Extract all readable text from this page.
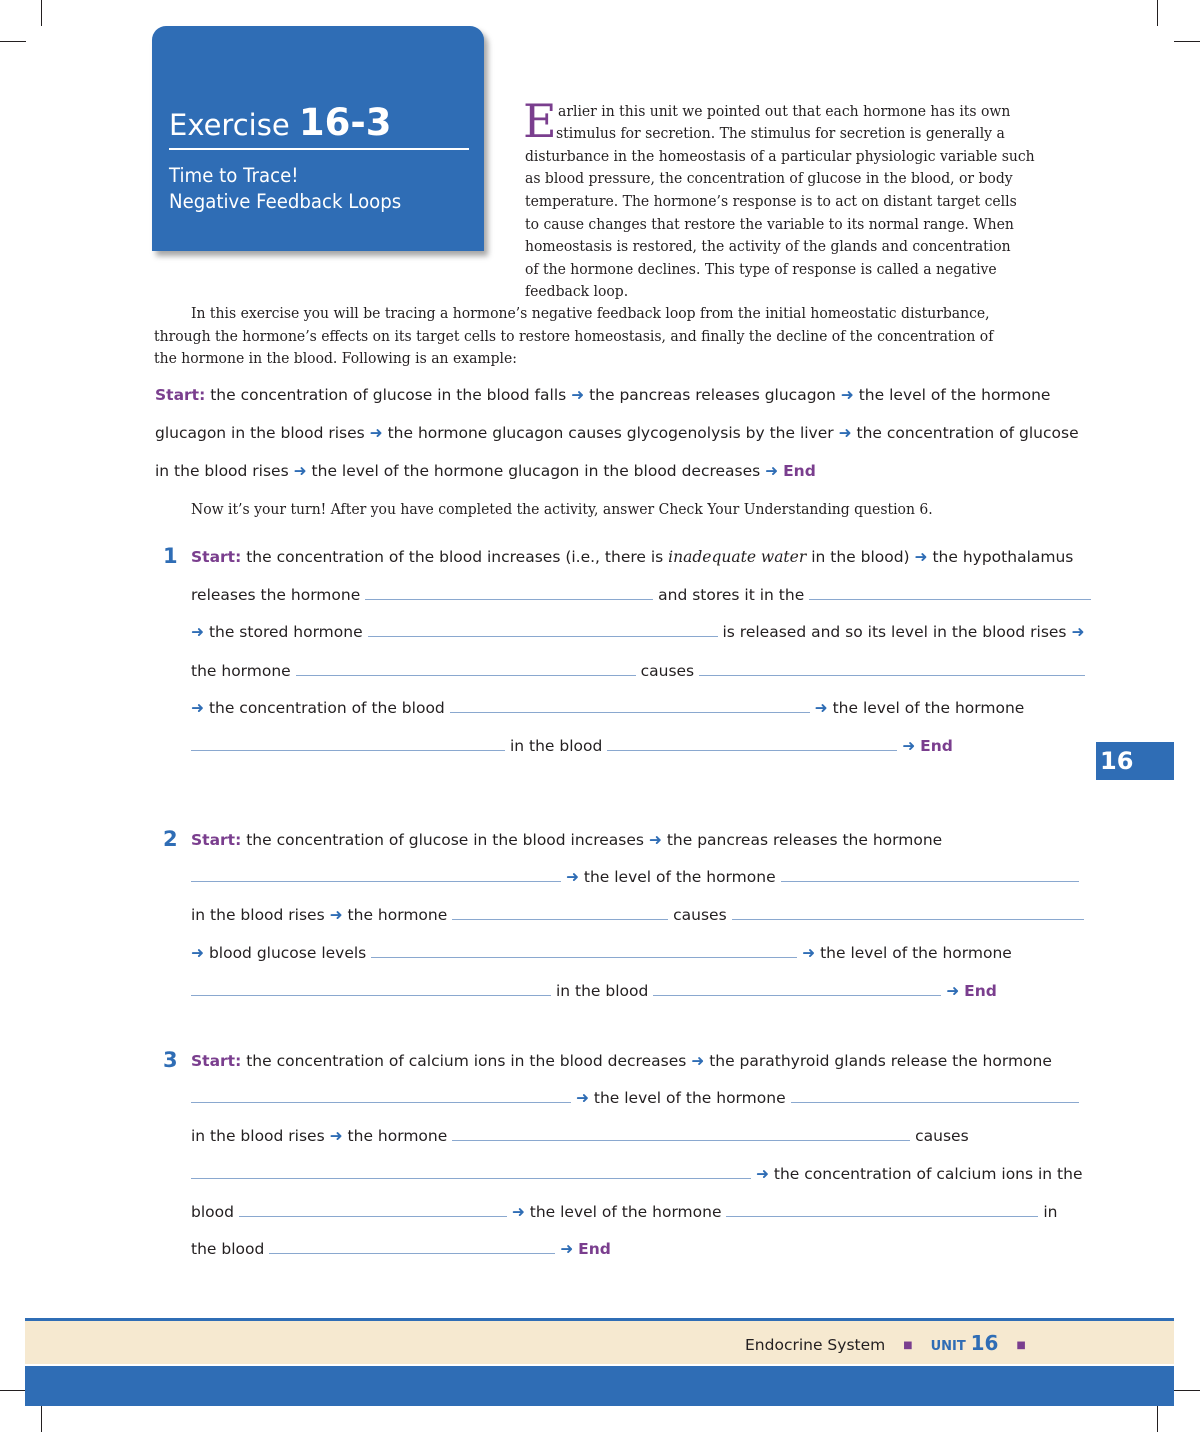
Exercise 16-3
Time to Trace!
Negative Feedback Loops
E arlier in this unit we pointed out that each hormone has its own
stimulus for secretion. The stimulus for secretion is generally a
disturbance in the homeostasis of a particular physiologic variable such
as blood pressure, the concentration of glucose in the blood, or body
temperature. The hormone’s response is to act on distant target cells
to cause changes that restore the variable to its normal range. When
homeostasis is restored, the activity of the glands and concentration
of the hormone declines. This type of response is called a negative
feedback loop.
In this exercise you will be tracing a hormone’s negative feedback loop from the initial homeostatic disturbance,
through the hormone’s effects on its target cells to restore homeostasis, and finally the decline of the concentration of
the hormone in the blood. Following is an example:
Start: the concentration of glucose in the blood falls ➜ the pancreas releases glucagon ➜ the level of the hormone
glucagon in the blood rises ➜ the hormone glucagon causes glycogenolysis by the liver ➜ the concentration of glucose
in the blood rises ➜ the level of the hormone glucagon in the blood decreases ➜ End
Now it’s your turn! After you have completed the activity, answer Check Your Understanding question 6.
1 Start: the concentration of the blood increases (i.e., there is inadequate water in the blood) ➜ the hypothalamus
releases the hormone	and stores it in the
➜ the stored hormone	is released and so its level in the blood rises ➜
the hormone	causes
➜ the concentration of the blood	➜ the level of the hormone
in the blood	➜ End
16
2 Start: the concentration of glucose in the blood increases ➜ the pancreas releases the hormone
➜ the level of the hormone
in the blood rises ➜ the hormone	causes
➜ blood glucose levels	➜ the level of the hormone
in the blood	➜ End
3 Start: the concentration of calcium ions in the blood decreases ➜ the parathyroid glands release the hormone
➜ the level of the hormone
in the blood rises ➜ the hormone	causes
➜ the concentration of calcium ions in the
blood	➜ the level of the hormone	in
the blood	➜ End
Endocrine System ■ UNIT 16 ■
